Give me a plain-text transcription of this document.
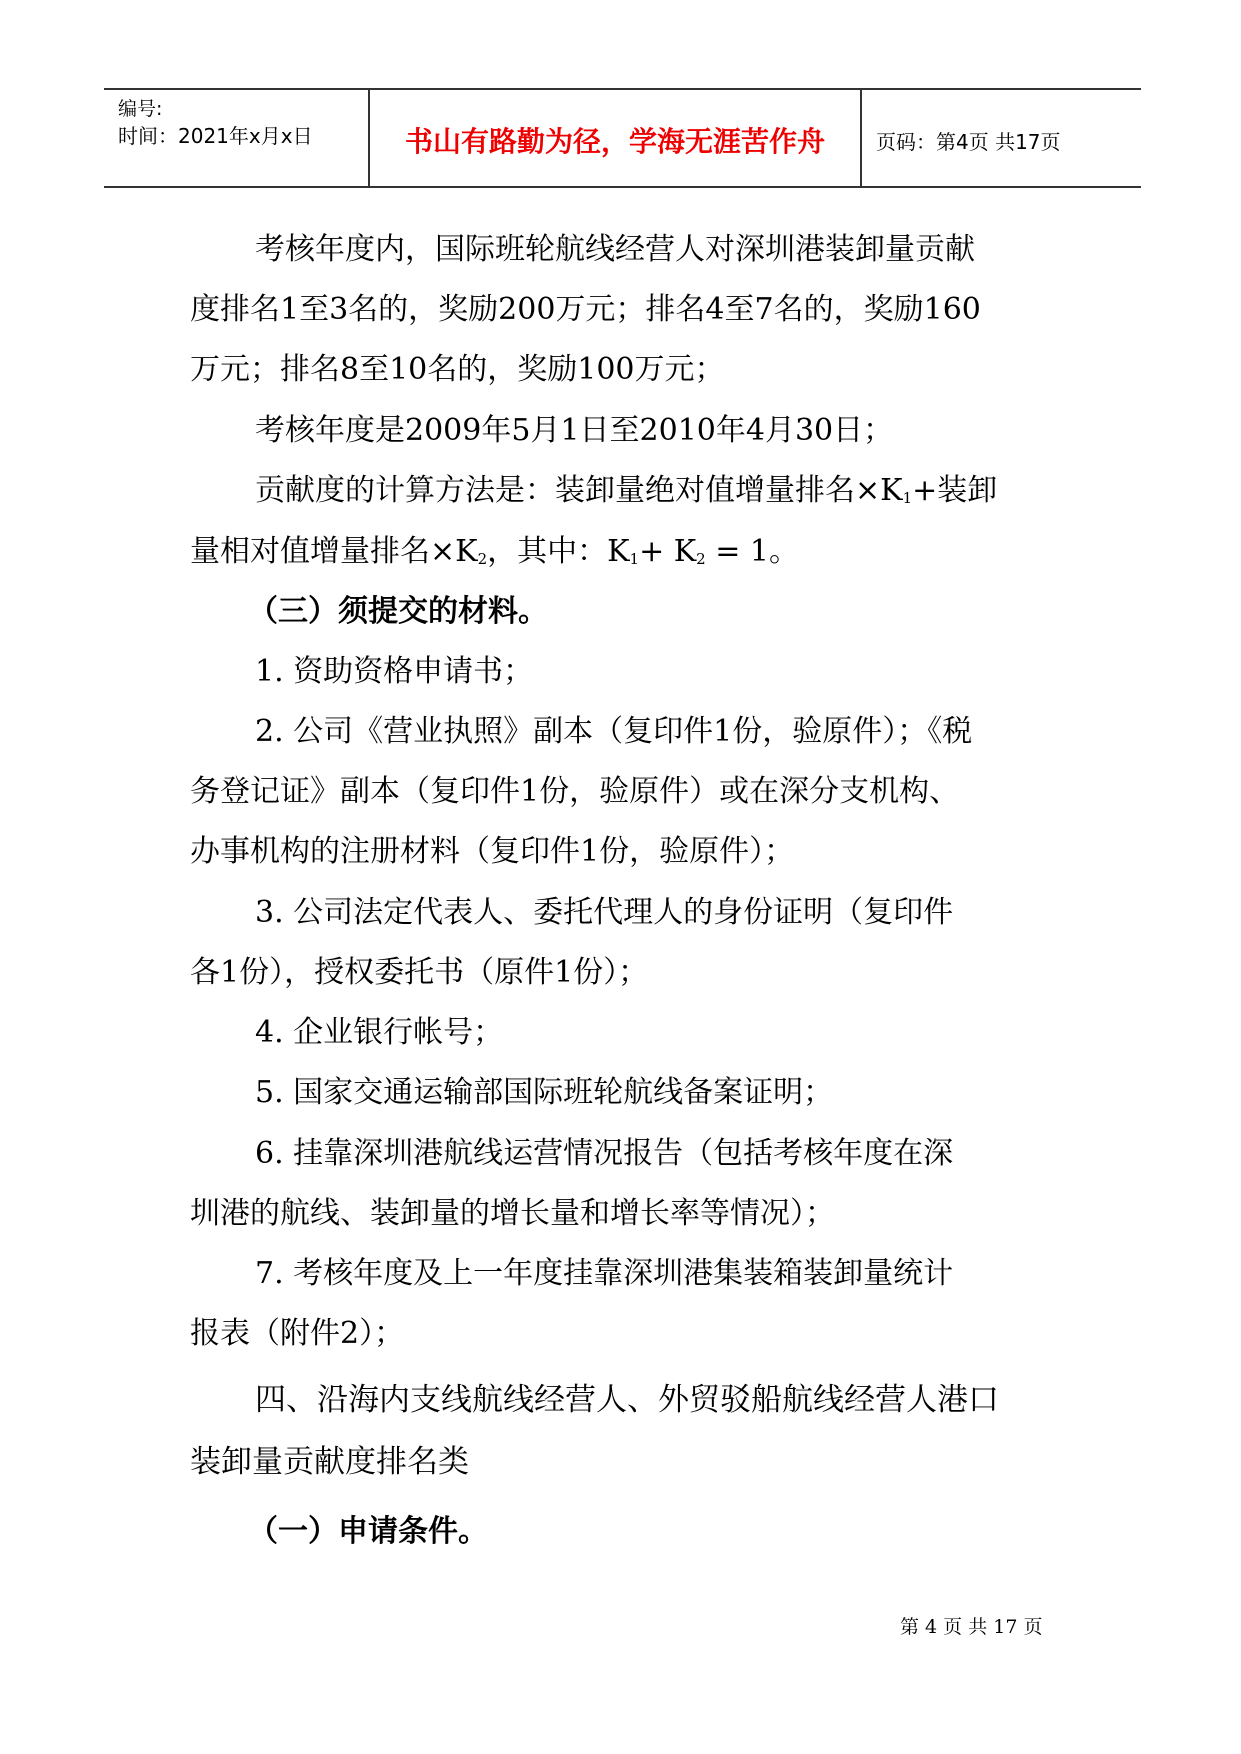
编号:
时间：2021年x月x日	书山有路勤为径，学海无涯苦作舟	页码：第4页 共17页
考核年度内，国际班轮航线经营人对深圳港装卸量贡献
度排名1至3名的，奖励200万元；排名4至7名的，奖励160
万元；排名8至10名的，奖励100万元；
考核年度是2009年5月1日至2010年4月30日；
贡献度的计算方法是：装卸量绝对值增量排名$\times K_1+$装卸
量相对值增量排名$\times K_2$，其中：$K_1+ K_2 = 1$。
（三）须提交的材料。
1. 资助资格申请书；
2. 公司《营业执照》副本（复印件1份，验原件）；《税
务登记证》副本（复印件1份，验原件）或在深分支机构、
办事机构的注册材料（复印件1份，验原件）；
3. 公司法定代表人、委托代理人的身份证明（复印件
各1份），授权委托书（原件1份）；
4. 企业银行帐号；
5. 国家交通运输部国际班轮航线备案证明；
6. 挂靠深圳港航线运营情况报告（包括考核年度在深
圳港的航线、装卸量的增长量和增长率等情况）；
7. 考核年度及上一年度挂靠深圳港集装箱装卸量统计
报表（附件2）；
四、沿海内支线航线经营人、外贸驳船航线经营人港口
装卸量贡献度排名类
（一）申请条件。
第 4 页 共 17 页
